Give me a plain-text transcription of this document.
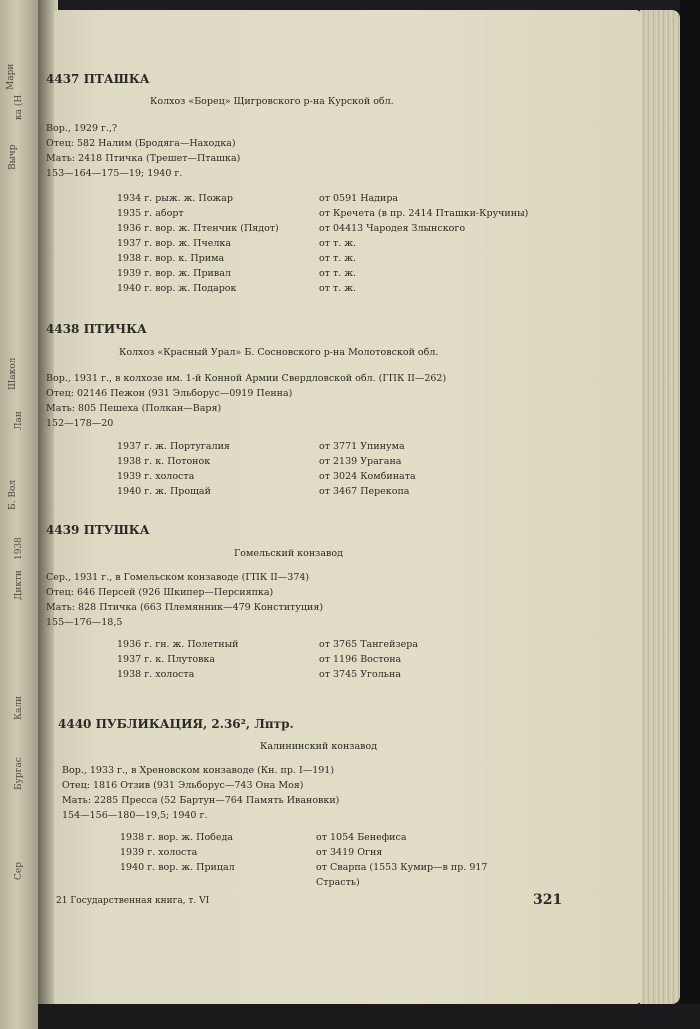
Мари
ка (Н
Вычр
Шакол
Лан
Б. Вол
1938
Дикти
Кали
Бургас
Сер
4437 ПТАШКА
Колхоз «Борец» Щигровского р-на Курской обл.
Вор., 1929 г.,?
Отец: 582 Налим (Бродяга—Находка)
Мать: 2418 Птичка (Трешет—Пташка)
153—164—175—19; 1940 г.
1934 г. рыж. ж. Пожар	от 0591 Надира
1935 г. аборт	от Кречета (в пр. 2414 Пташки-Кручины)
1936 г. вор. ж. Птенчик (Пядот)	от 04413 Чародея Злынского
1937 г. вор. ж. Пчелка	от т. ж.
1938 г. вор. к. Прима	от т. ж.
1939 г. вор. ж. Привал	от т. ж.
1940 г. вор. ж. Подарок	от т. ж.
4438 ПТИЧКА
Колхоз «Красный Урал» Б. Сосновского р-на Молотовской обл.
Вор., 1931 г., в колхозе им. 1-й Конной Армии Свердловской обл. (ГПК II—262)
Отец: 02146 Пежон (931 Эльборус—0919 Пенна)
Мать: 805 Пешеха (Полкан—Варя)
152—178—20
1937 г. ж. Португалия	от 3771 Упинума
1938 г. к. Потонок	от 2139 Урагана
1939 г. холоста	от 3024 Комбината
1940 г. ж. Прощай	от 3467 Перекопа
4439 ПТУШКА
Гомельский конзавод
Сер., 1931 г., в Гомельском конзаводе (ГПК II—374)
Отец: 646 Персей (926 Шкипер—Персияпка)
Мать: 828 Птичка (663 Племянник—479 Конституция)
155—176—18,5
1936 г. гн. ж. Полетный	от 3765 Тангейзера
1937 г. к. Плутовка	от 1196 Востона
1938 г. холоста	от 3745 Угольна
4440 ПУБЛИКАЦИЯ, 2.36², Лптр.
Калининский конзавод
Вор., 1933 г., в Хреновском конзаводе (Кн. пр. I—191)
Отец: 1816 Отзив (931 Эльборус—743 Она Моя)
Мать: 2285 Пресса (52 Бартун—764 Память Ивановки)
154—156—180—19,5; 1940 г.
1938 г. вор. ж. Победа	от 1054 Бенефиса
1939 г. холоста	от 3419 Огня
1940 г. вор. ж. Прицал	от Сварпа (1553 Кумир—в пр. 917
Страсть)
21 Государственная книга, т. VI	321
